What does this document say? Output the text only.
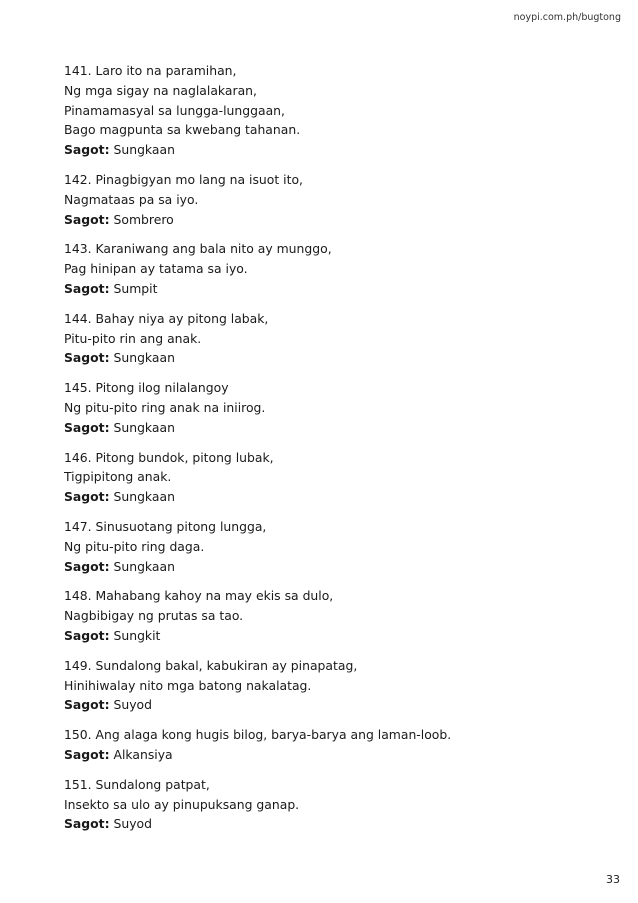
noypi.com.ph/bugtong
141. Laro ito na paramihan,
Ng mga sigay na naglalakaran,
Pinamamasyal sa lungga-lunggaan,
Bago magpunta sa kwebang tahanan.
Sagot: Sungkaan
142. Pinagbigyan mo lang na isuot ito,
Nagmataas pa sa iyo.
Sagot: Sombrero
143. Karaniwang ang bala nito ay munggo,
Pag hinipan ay tatama sa iyo.
Sagot: Sumpit
144. Bahay niya ay pitong labak,
Pitu-pito rin ang anak.
Sagot: Sungkaan
145. Pitong ilog nilalangoy
Ng pitu-pito ring anak na iniirog.
Sagot: Sungkaan
146. Pitong bundok, pitong lubak,
Tigpipitong anak.
Sagot: Sungkaan
147. Sinusuotang pitong lungga,
Ng pitu-pito ring daga.
Sagot: Sungkaan
148. Mahabang kahoy na may ekis sa dulo,
Nagbibigay ng prutas sa tao.
Sagot: Sungkit
149. Sundalong bakal, kabukiran ay pinapatag,
Hinihiwalay nito mga batong nakalatag.
Sagot: Suyod
150. Ang alaga kong hugis bilog, barya-barya ang laman-loob.
Sagot: Alkansiya
151. Sundalong patpat,
Insekto sa ulo ay pinupuksang ganap.
Sagot: Suyod
33
